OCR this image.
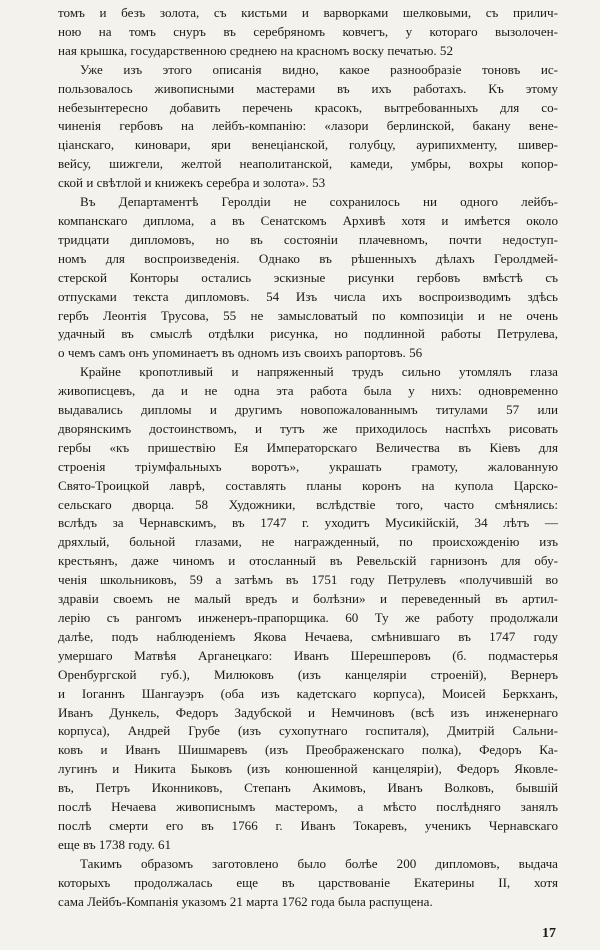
томъ и безъ золота, съ кистьми и варворками шелковыми, съ прилич-
ною на томъ снуръ въ серебряномъ ковчегъ, у котораго вызолочен-
ная крышка, государственною среднею на красномъ воску печатью. 52
Уже изъ этого описанія видно, какое разнообразіе тоновъ ис-
пользовалось живописными мастерами въ ихъ работахъ. Къ этому
небезынтересно добавить перечень красокъ, вытребованныхъ для со-
чиненія гербовъ на лейбъ-компанію: «лазори берлинской, бакану вене-
ціанскаго, киновари, яри венеціанской, голубцу, аурипихменту, шивер-
вейсу, шижгели, желтой неаполитанской, камеди, умбры, вохры копор-
ской и свѣтлой и книжекъ серебра и золота». 53
Въ Департаментѣ Геролдіи не сохранилось ни одного лейбъ-
компанскаго диплома, а въ Сенатскомъ Архивѣ хотя и имѣется около
тридцати дипломовъ, но въ состояніи плачевномъ, почти недоступ-
номъ для воспроизведенія. Однако въ рѣшенныхъ дѣлахъ Геролдмей-
стерской Конторы остались эскизные рисунки гербовъ вмѣстѣ съ
отпусками текста дипломовъ. 54 Изъ числа ихъ воспроизводимъ здѣсь
гербъ Леонтія Трусова, 55 не замысловатый по композиціи и не очень
удачный въ смыслѣ отдѣлки рисунка, но подлинной работы Петрулева,
о чемъ самъ онъ упоминаетъ въ одномъ изъ своихъ рапортовъ. 56
Крайне кропотливый и напряженный трудъ сильно утомлялъ глаза
живописцевъ, да и не одна эта работа была у нихъ: одновременно
выдавались дипломы и другимъ новопожалованнымъ титулами 57 или
дворянскимъ достоинствомъ, и тутъ же приходилось наспѣхъ рисовать
гербы «къ пришествію Ея Императорскаго Величества въ Кіевъ для
строенія тріумфальныхъ воротъ», украшать грамоту, жалованную
Свято-Троицкой лаврѣ, составлять планы коронъ на купола Царско-
сельскаго дворца. 58 Художники, вслѣдствіе того, часто смѣнялись:
вслѣдъ за Чернавскимъ, въ 1747 г. уходитъ Мусикійскій, 34 лѣтъ —
дряхлый, больной глазами, не награжденный, по происхожденію изъ
крестьянъ, даже чиномъ и отосланный въ Ревельскій гарнизонъ для обу-
ченія школьниковъ, 59 а затѣмъ въ 1751 году Петрулевъ «получившій во
здравіи своемъ не малый вредъ и болѣзни» и переведенный въ артил-
лерію съ рангомъ инженеръ-прапорщика. 60 Ту же работу продолжали
далѣе, подъ наблюденіемъ Якова Нечаева, смѣнившаго въ 1747 году
умершаго Матвѣя Арганецкаго: Иванъ Шерешперовъ (б. подмастерья
Оренбургской губ.), Милюковъ (изъ канцеляріи строеній), Вернеръ
и Іоганнъ Шангауэръ (оба изъ кадетскаго корпуса), Моисей Беркханъ,
Иванъ Дункель, Федоръ Задубской и Немчиновъ (всѣ изъ инженернаго
корпуса), Андрей Грубе (изъ сухопутнаго госпиталя), Дмитрій Сальни-
ковъ и Иванъ Шишмаревъ (изъ Преображенскаго полка), Федоръ Ка-
лугинъ и Никита Быковъ (изъ конюшенной канцеляріи), Федоръ Яковле-
въ, Петръ Иконниковъ, Степанъ Акимовъ, Иванъ Волковъ, бывшій
послѣ Нечаева живописнымъ мастеромъ, а мѣсто послѣдняго занялъ
послѣ смерти его въ 1766 г. Иванъ Токаревъ, ученикъ Чернавскаго
еще въ 1738 году. 61
Такимъ образомъ заготовлено было болѣе 200 дипломовъ, выдача
которыхъ продолжалась еще въ царствованіе Екатерины II, хотя
сама Лейбъ-Компанія указомъ 21 марта 1762 года была распущена.
17
